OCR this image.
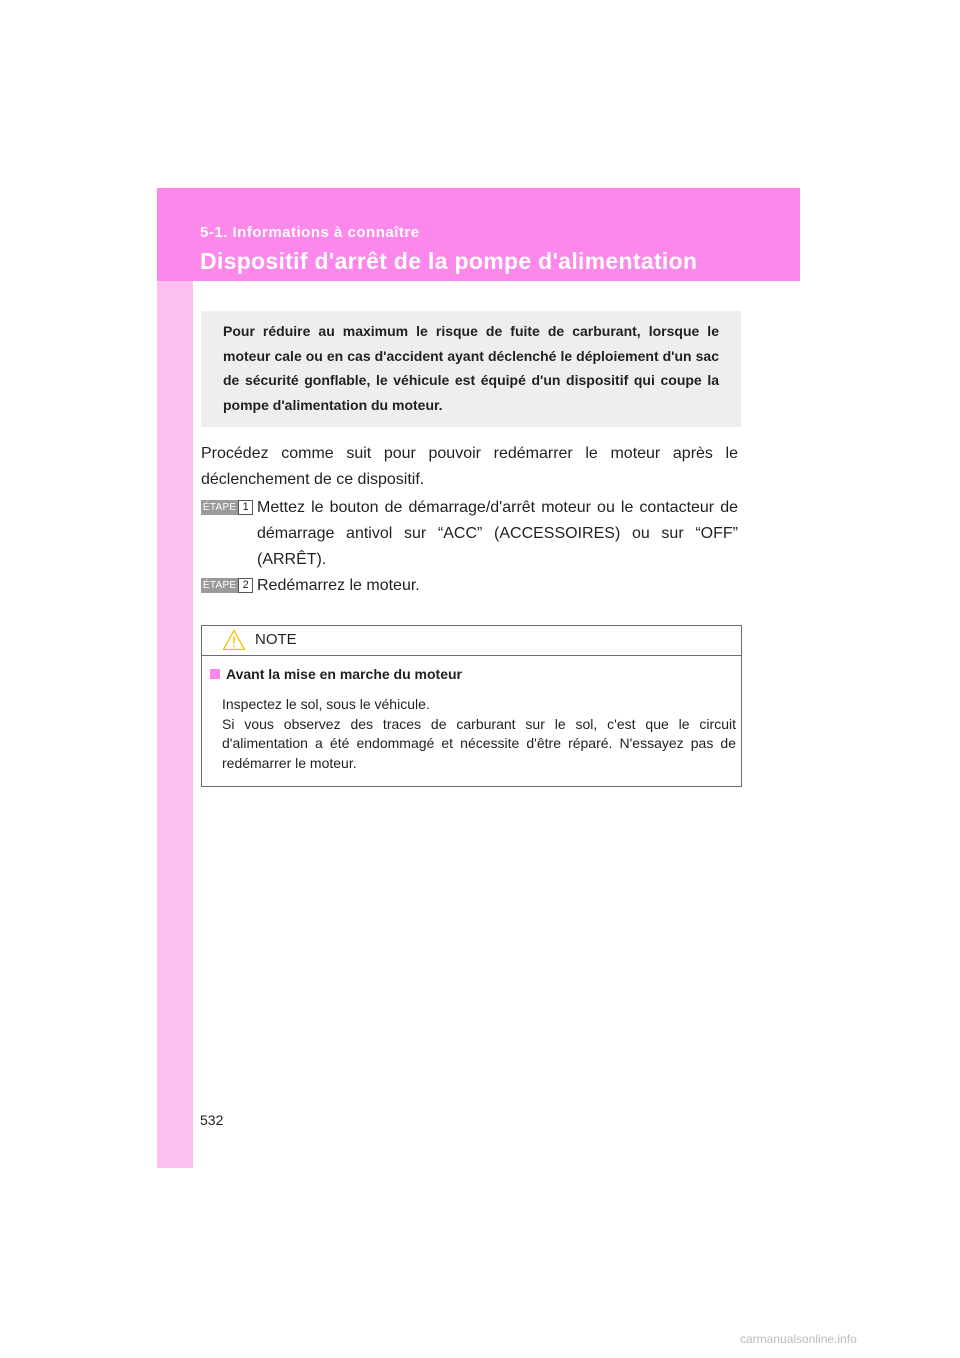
5-1. Informations à connaître
Dispositif d'arrêt de la pompe d'alimentation
Pour réduire au maximum le risque de fuite de carburant, lorsque le moteur cale ou en cas d'accident ayant déclenché le déploiement d'un sac de sécurité gonflable, le véhicule est équipé d'un dispositif qui coupe la pompe d'alimentation du moteur.
Procédez comme suit pour pouvoir redémarrer le moteur après le déclenchement de ce dispositif.
ÉTAPE 1 Mettez le bouton de démarrage/d'arrêt moteur ou le contacteur de démarrage antivol sur “ACC” (ACCESSOIRES) ou sur “OFF” (ARRÊT).
ÉTAPE 2 Redémarrez le moteur.
NOTE
Avant la mise en marche du moteur

Inspectez le sol, sous le véhicule.

Si vous observez des traces de carburant sur le sol, c'est que le circuit d'alimentation a été endommagé et nécessite d'être réparé. N'essayez pas de redémarrer le moteur.

532
carmanualsonline.info
